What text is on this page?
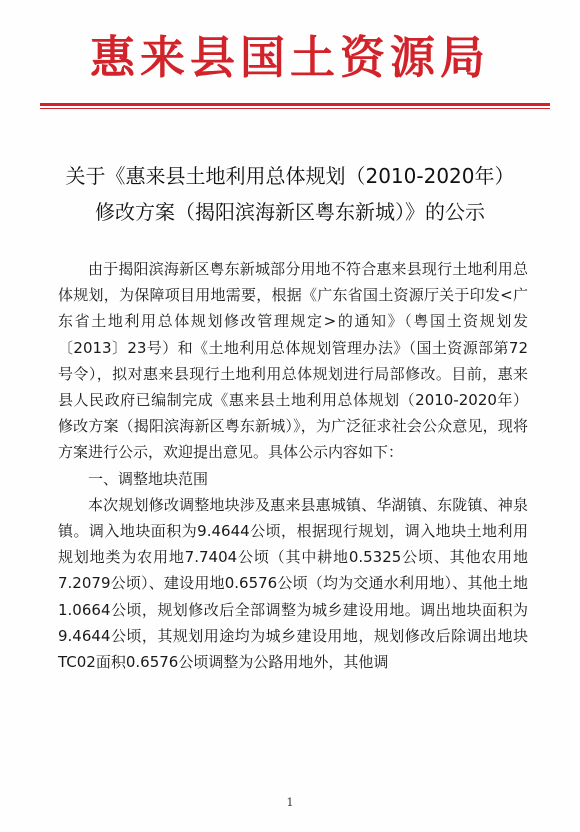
惠来县国土资源局
关于《惠来县土地利用总体规划（2010-2020年）
修改方案（揭阳滨海新区粤东新城）》的公示

由于揭阳滨海新区粤东新城部分用地不符合惠来县现行土地利用总体规划，为保障项目用地需要，根据《广东省国土资源厅关于印发<广东省土地利用总体规划修改管理规定>的通知》（粤国土资规划发〔2013〕23号）和《土地利用总体规划管理办法》（国土资源部第72号令），拟对惠来县现行土地利用总体规划进行局部修改。目前，惠来县人民政府已编制完成《惠来县土地利用总体规划（2010-2020年）修改方案（揭阳滨海新区粤东新城）》，为广泛征求社会公众意见，现将方案进行公示，欢迎提出意见。具体公示内容如下：

一、调整地块范围

本次规划修改调整地块涉及惠来县惠城镇、华湖镇、东陇镇、神泉镇。调入地块面积为9.4644公顷，根据现行规划，调入地块土地利用规划地类为农用地7.7404公顷（其中耕地0.5325公顷、其他农用地7.2079公顷）、建设用地0.6576公顷（均为交通水利用地）、其他土地1.0664公顷，规划修改后全部调整为城乡建设用地。调出地块面积为9.4644公顷，其规划用途均为城乡建设用地，规划修改后除调出地块TC02面积0.6576公顷调整为公路用地外，其他调

1
